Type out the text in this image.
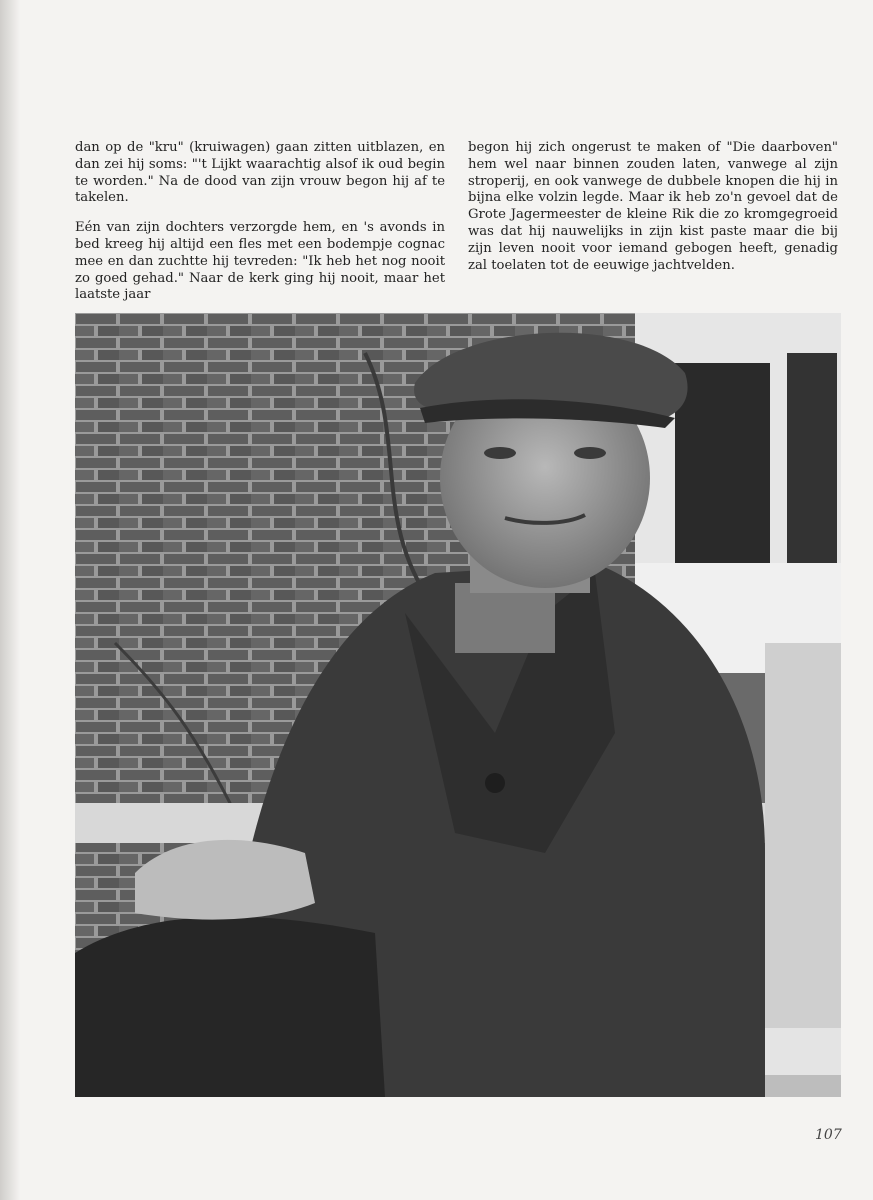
dan op de "kru" (kruiwagen) gaan zitten uitblazen, en dan zei hij soms: "'t Lijkt waarachtig alsof ik oud begin te worden." Na de dood van zijn vrouw begon hij af te takelen.

Eén van zijn dochters verzorgde hem, en 's avonds in bed kreeg hij altijd een fles met een bodempje cognac mee en dan zuchtte hij tevreden: "Ik heb het nog nooit zo goed gehad." Naar de kerk ging hij nooit, maar het laatste jaar

begon hij zich ongerust te maken of "Die daarboven" hem wel naar binnen zouden laten, vanwege al zijn stroperij, en ook vanwege de dubbele knopen die hij in bijna elke volzin legde. Maar ik heb zo'n gevoel dat de Grote Jagermeester de kleine Rik die zo kromgegroeid was dat hij nauwelijks in zijn kist paste maar die bij zijn leven nooit voor iemand gebogen heeft, genadig zal toelaten tot de eeuwige jachtvelden.

107
